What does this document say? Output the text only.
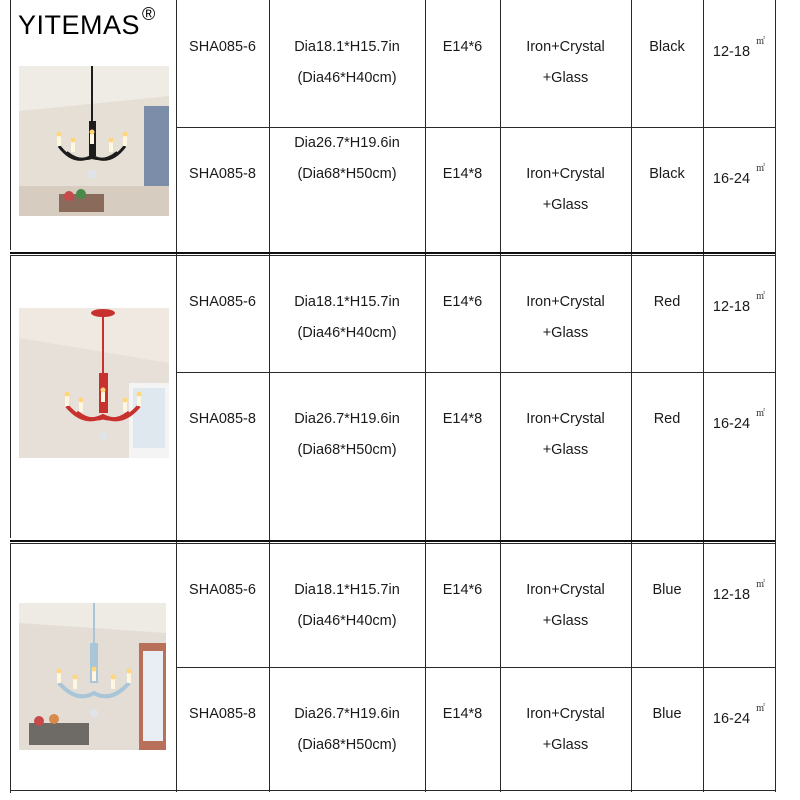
YITEMAS ®
SHA085-6	Dia18.1*H15.7in
(Dia46*H40cm)
E14*6	Iron+Crystal
+Glass
Black	12-18 ㎡
SHA085-8
Dia26.7*H19.6in
(Dia68*H50cm)	E14*8	Iron+Crystal
+Glass
Black	16-24 ㎡
SHA085-6	Dia18.1*H15.7in
(Dia46*H40cm)
E14*6	Iron+Crystal
+Glass
Red	12-18 ㎡
SHA085-8	Dia26.7*H19.6in
(Dia68*H50cm)
E14*8	Iron+Crystal
+Glass
Red	16-24 ㎡
SHA085-6	Dia18.1*H15.7in
(Dia46*H40cm)
E14*6	Iron+Crystal
+Glass
Blue	12-18 ㎡
SHA085-8	Dia26.7*H19.6in
(Dia68*H50cm)
E14*8	Iron+Crystal
+Glass
Blue	16-24 ㎡
